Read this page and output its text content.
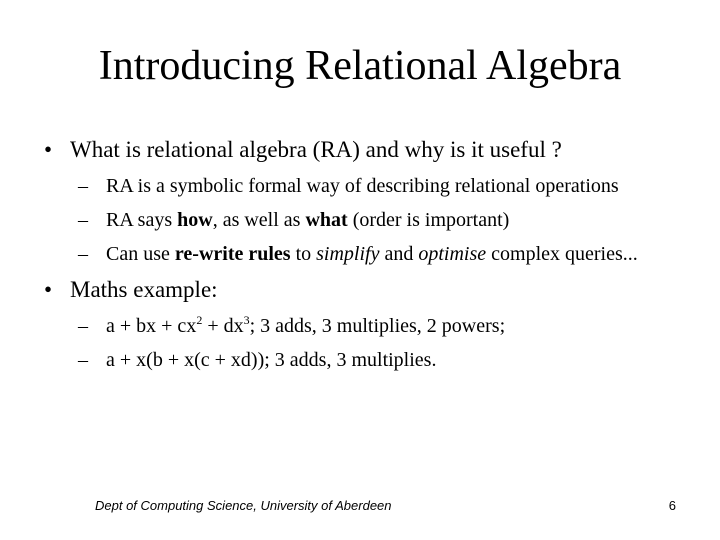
Introducing Relational Algebra
• What is relational algebra (RA) and why is it useful ?
– RA is a symbolic formal way of describing relational operations
– RA says how, as well as what (order is important)
– Can use re-write rules to simplify and optimise complex queries...
• Maths example:
– a + bx + $cx^2 + dx^3$; 3 adds, 3 multiplies, 2 powers;
– a + x(b + x(c + xd)); 3 adds, 3 multiplies.
Dept of Computing Science, University of Aberdeen	6
